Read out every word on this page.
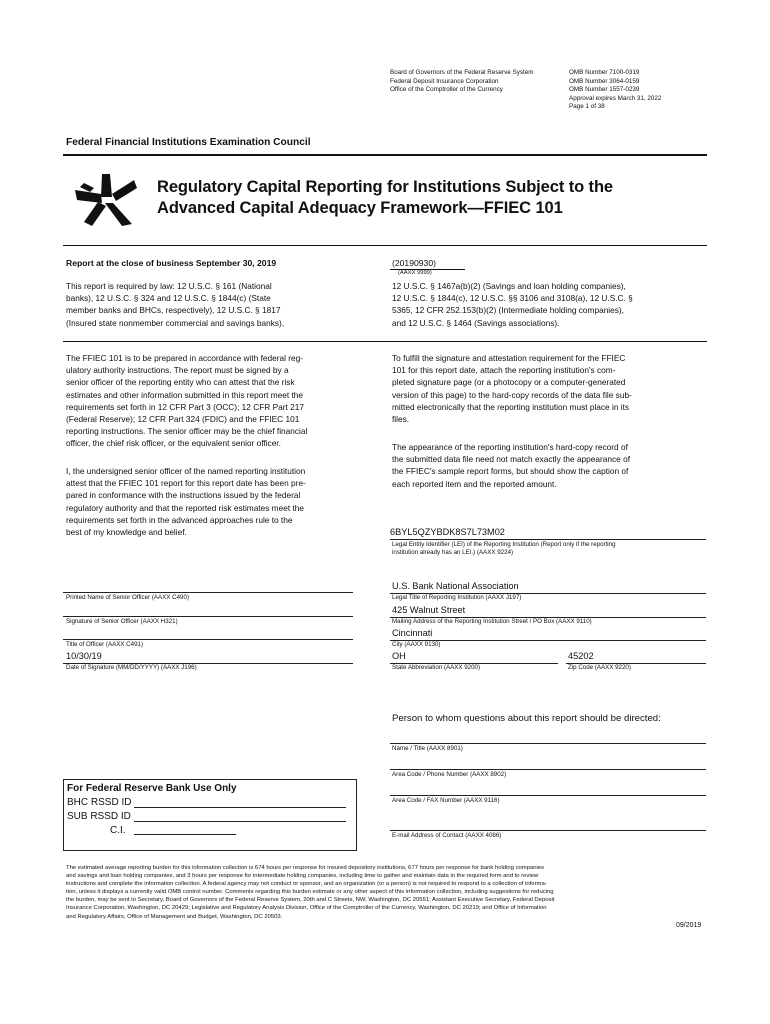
Board of Governors of the Federal Reserve System
Federal Deposit Insurance Corporation
Office of the Comptroller of the Currency
OMB Number 7100-0319
OMB Number 3064-0159
OMB Number 1557-0239
Approval expires March 31, 2022
Page 1 of 38
Federal Financial Institutions Examination Council
Regulatory Capital Reporting for Institutions Subject to the
Advanced Capital Adequacy Framework—FFIEC 101
Report at the close of business September 30, 2019	(20190930)
(AAXX 9999)
This report is required by law: 12 U.S.C. § 161 (National
banks), 12 U.S.C. § 324 and 12 U.S.C. § 1844(c) (State
member banks and BHCs, respectively), 12 U.S.C. § 1817
(Insured state nonmember commercial and savings banks),
12 U.S.C. § 1467a(b)(2) (Savings and loan holding companies),
12 U.S.C. § 1844(c), 12 U.S.C. §§ 3106 and 3108(a), 12 U.S.C. §
5365, 12 CFR 252.153(b)(2) (Intermediate holding companies),
and 12 U.S.C. § 1464 (Savings associations).
The FFIEC 101 is to be prepared in accordance with federal reg-
ulatory authority instructions. The report must be signed by a
senior officer of the reporting entity who can attest that the risk
estimates and other information submitted in this report meet the
requirements set forth in 12 CFR Part 3 (OCC); 12 CFR Part 217
(Federal Reserve); 12 CFR Part 324 (FDIC) and the FFIEC 101
reporting instructions. The senior officer may be the chief financial
officer, the chief risk officer, or the equivalent senior officer.
I, the undersigned senior officer of the named reporting institution
attest that the FFIEC 101 report for this report date has been pre-
pared in conformance with the instructions issued by the federal
regulatory authority and that the reported risk estimates meet the
requirements set forth in the advanced approaches rule to the
best of my knowledge and belief.
To fulfill the signature and attestation requirement for the FFIEC
101 for this report date, attach the reporting institution's com-
pleted signature page (or a photocopy or a computer-generated
version of this page) to the hard-copy records of the data file sub-
mitted electronically that the reporting institution must place in its
files.
The appearance of the reporting institution's hard-copy record of
the submitted data file need not match exactly the appearance of
the FFIEC's sample report forms, but should show the caption of
each reported item and the reported amount.
6BYL5QZYBDK8S7L73M02
Legal Entity Identifier (LEI) of the Reporting Institution (Report only if the reporting
institution already has an LEI.) (AAXX 9224)
Printed Name of Senior Officer (AAXX C490)
Signature of Senior Officer (AAXX H321)
Title of Officer (AAXX C491)
10/30/19
Date of Signature (MM/DD/YYYY) (AAXX J196)
U.S. Bank National Association
Legal Title of Reporting Institution (AAXX J197)
425 Walnut Street
Mailing Address of the Reporting Institution Street / PO Box (AAXX 9110)
Cincinnati
City (AAXX 9130)
OH
State Abbreviation (AAXX 9200)
45202
Zip Code (AAXX 9220)
Person to whom questions about this report should be directed:
Name / Title (AAXX 8901)
Area Code / Phone Number (AAXX 8902)
Area Code / FAX Number (AAXX 9116)
E-mail Address of Contact (AAXX 4086)
For Federal Reserve Bank Use Only
BHC RSSD ID
SUB RSSD ID
C.I.
The estimated average reporting burden for this information collection is 674 hours per response for insured depository institutions, 677 hours per response for bank holding companies
and savings and loan holding companies, and 3 hours per response for intermediate holding companies, including time to gather and maintain data in the required form and to review
instructions and complete the information collection. A federal agency may not conduct or sponsor, and an organization (or a person) is not required to respond to a collection of informa-
tion, unless it displays a currently valid OMB control number. Comments regarding this burden estimate or any other aspect of this information collection, including suggestions for reducing
the burden, may be sent to Secretary, Board of Governors of the Federal Reserve System, 20th and C Streets, NW, Washington, DC 20551; Assistant Executive Secretary, Federal Deposit
Insurance Corporation, Washington, DC 20429; Legislative and Regulatory Analysis Division, Office of the Comptroller of the Currency, Washington, DC 20219; and Office of Information
and Regulatory Affairs, Office of Management and Budget, Washington, DC 20503.
09/2019
